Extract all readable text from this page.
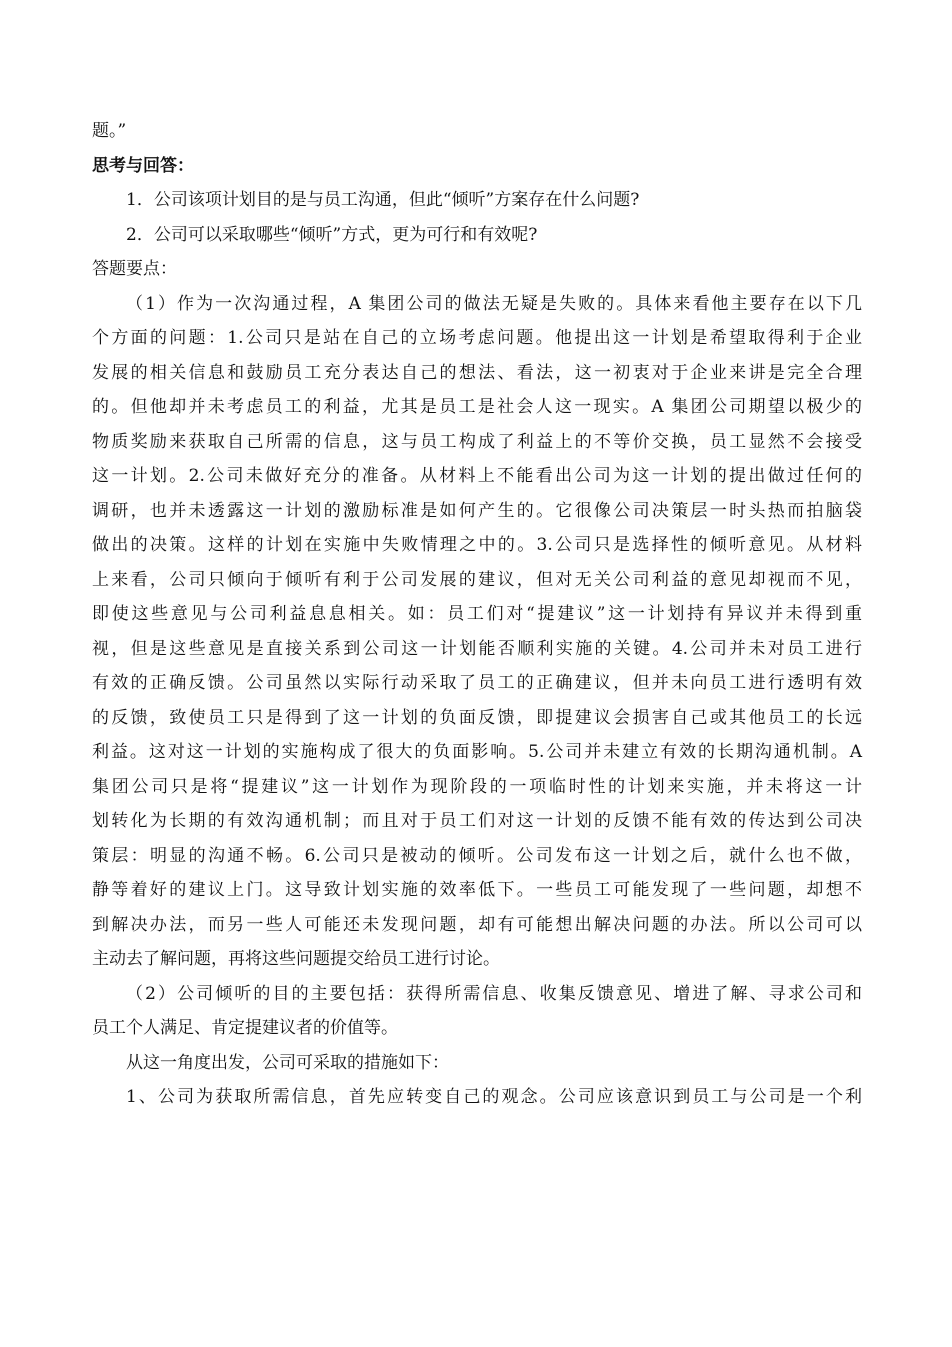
题。”
思考与回答：
1．公司该项计划目的是与员工沟通，但此“倾听”方案存在什么问题?
2．公司可以采取哪些“倾听”方式，更为可行和有效呢?
答题要点：
（1）作为一次沟通过程，A 集团公司的做法无疑是失败的。具体来看他主要存在以下几
个方面的问题：1.公司只是站在自己的立场考虑问题。他提出这一计划是希望取得利于企业
发展的相关信息和鼓励员工充分表达自己的想法、看法，这一初衷对于企业来讲是完全合理
的。但他却并未考虑员工的利益，尤其是员工是社会人这一现实。A 集团公司期望以极少的
物质奖励来获取自己所需的信息，这与员工构成了利益上的不等价交换，员工显然不会接受
这一计划。2.公司未做好充分的准备。从材料上不能看出公司为这一计划的提出做过任何的
调研，也并未透露这一计划的激励标准是如何产生的。它很像公司决策层一时头热而拍脑袋
做出的决策。这样的计划在实施中失败情理之中的。3.公司只是选择性的倾听意见。从材料
上来看，公司只倾向于倾听有利于公司发展的建议，但对无关公司利益的意见却视而不见，
即使这些意见与公司利益息息相关。如：员工们对“提建议”这一计划持有异议并未得到重
视，但是这些意见是直接关系到公司这一计划能否顺利实施的关键。4.公司并未对员工进行
有效的正确反馈。公司虽然以实际行动采取了员工的正确建议，但并未向员工进行透明有效
的反馈，致使员工只是得到了这一计划的负面反馈，即提建议会损害自己或其他员工的长远
利益。这对这一计划的实施构成了很大的负面影响。5.公司并未建立有效的长期沟通机制。A
集团公司只是将“提建议”这一计划作为现阶段的一项临时性的计划来实施，并未将这一计
划转化为长期的有效沟通机制；而且对于员工们对这一计划的反馈不能有效的传达到公司决
策层：明显的沟通不畅。6.公司只是被动的倾听。公司发布这一计划之后，就什么也不做，
静等着好的建议上门。这导致计划实施的效率低下。一些员工可能发现了一些问题，却想不
到解决办法，而另一些人可能还未发现问题，却有可能想出解决问题的办法。所以公司可以
主动去了解问题，再将这些问题提交给员工进行讨论。
（2）公司倾听的目的主要包括：获得所需信息、收集反馈意见、增进了解、寻求公司和
员工个人满足、肯定提建议者的价值等。
从这一角度出发，公司可采取的措施如下：
1、公司为获取所需信息，首先应转变自己的观念。公司应该意识到员工与公司是一个利
